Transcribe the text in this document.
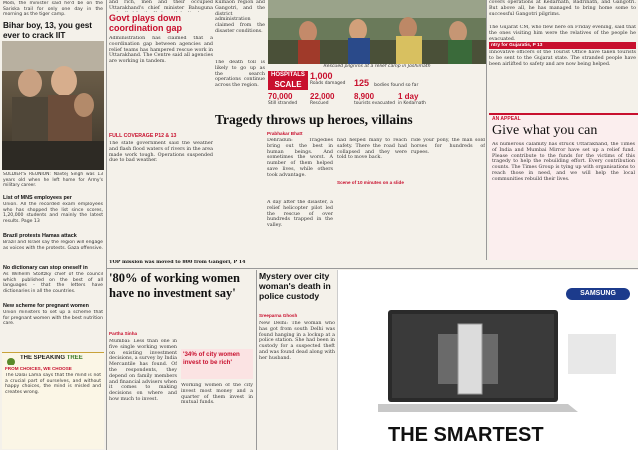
Modi, the minister said he'd be on the Sariska trail for only one day in the morning as the tiger camp.
Bihar boy, 13, you gest ever to crack IIT
SOLDIER'S REUNION: Navtej Singh was 13 years old when he left home for Army's military career.
List of MNS employees per
Union. All the recorded exam employees who has shopped the list since scores, 1,20,000 students and mainly the latest results. Page 13
Brazil protests Hamas attack
Brazil and Israel say the region will engage as voices with the protests. Gaza offensive.
No dictionary can stop oneself in
As Wilhelm Stoltzky chief of the council which published on the best of all languages - that the letters have dictionaries in all the countries.
New scheme for pregnant women
Union ministers to set up a scheme that for pregnant women with the best nutrition care.
THE SPEAKING TREE
FROM CHOICES, WE CHOOSE
The Dalai Lama says that the mind is not a crucial part of ourselves, and without happy choices, the mind is misled and creates wrong.
and rich, men and their occupied Uttarakhand's chief minister Bahuguna
Govt plays down coordination gap
Administration has claimed that a coordination gap between agencies and relief teams has hampered rescue work in Uttarakhand. The Centre said all agencies are working in tandem.
FULL COVERAGE P12 & 13
The state government said the weather and flash flood waters of rivers in the area made work tough. Operations suspended due to bad weather.
Kumaon region and Gangotri, and the district administration claimed from the disaster conditions.
The death toll is likely to go up as the search operations continue across the region.
Rescued pilgrims at a relief camp in Joshimath
HOSPITALS
SCALE
1,000
Roads damaged 125 bodies found so far
70,000
Still stranded
22,000
Rescued
8,900
tourists evacuated
1 day
in Kedarnath
Tragedy throws up heroes, villains
Prabhakar Bhatt
Dehradun: Tragedies bring out the best in human beings. And sometimes the worst. A number of them helped save lives, while others took advantage.
A day after the disaster, a relief helicopter pilot led the rescue of over hundreds trapped in the valley.
had helped many to reach safety. There the road had collapsed and they were told to move back.
Scene of 10 minutes on a slide
ride your pony, the man sold horses for hundreds of rupees.
TOP mission was moved to 800 from Gangori, P 14
covers operations at Kedarnath, Badrinath, and Gangotri. But above all, he has managed to bring home some to successful Gangotri pilgrims.
The Gujarat CM, who flew here on Friday evening, said that the ones visiting him were the relatives of the people he evacuated.
ntry for Gujaratis, P 13
Innovative officers of the Tourist Office have taken tourists to be sent to the Gujarat state. The stranded people have been airlifted to safety and are now being helped.
AN APPEAL
Give what you can
As numerous calamity has struck Uttarakhand, the Times of India and Mumbai Mirror have set up a relief fund. Please contribute to the funds for the victims of this tragedy to help the rebuilding effort. Every contribution counts. The Times Group is tying up with organisations to reach those in need, and we will help the local communities rebuild their lives.
'80% of working women have no investment say'
Partha Sinha
Mumbai: Less than one in five single working women on existing investment decisions, a survey by India Mercantile has found. Of the respondents, they depend on family members and financial advisers when it comes to making decisions on where and how much to invest.
'34% of city women invest to be rich'
Working women of the city invest most money and a quarter of them invest in mutual funds.
Mystery over city woman's death in police custody
Sreeparna Ghosh
New Delhi: The woman who has got from south Delhi was found hanging in a lockup at a police station. She had been in custody for a suspected theft and was found dead along with her husband.
SAMSUNG
THE SMARTEST
